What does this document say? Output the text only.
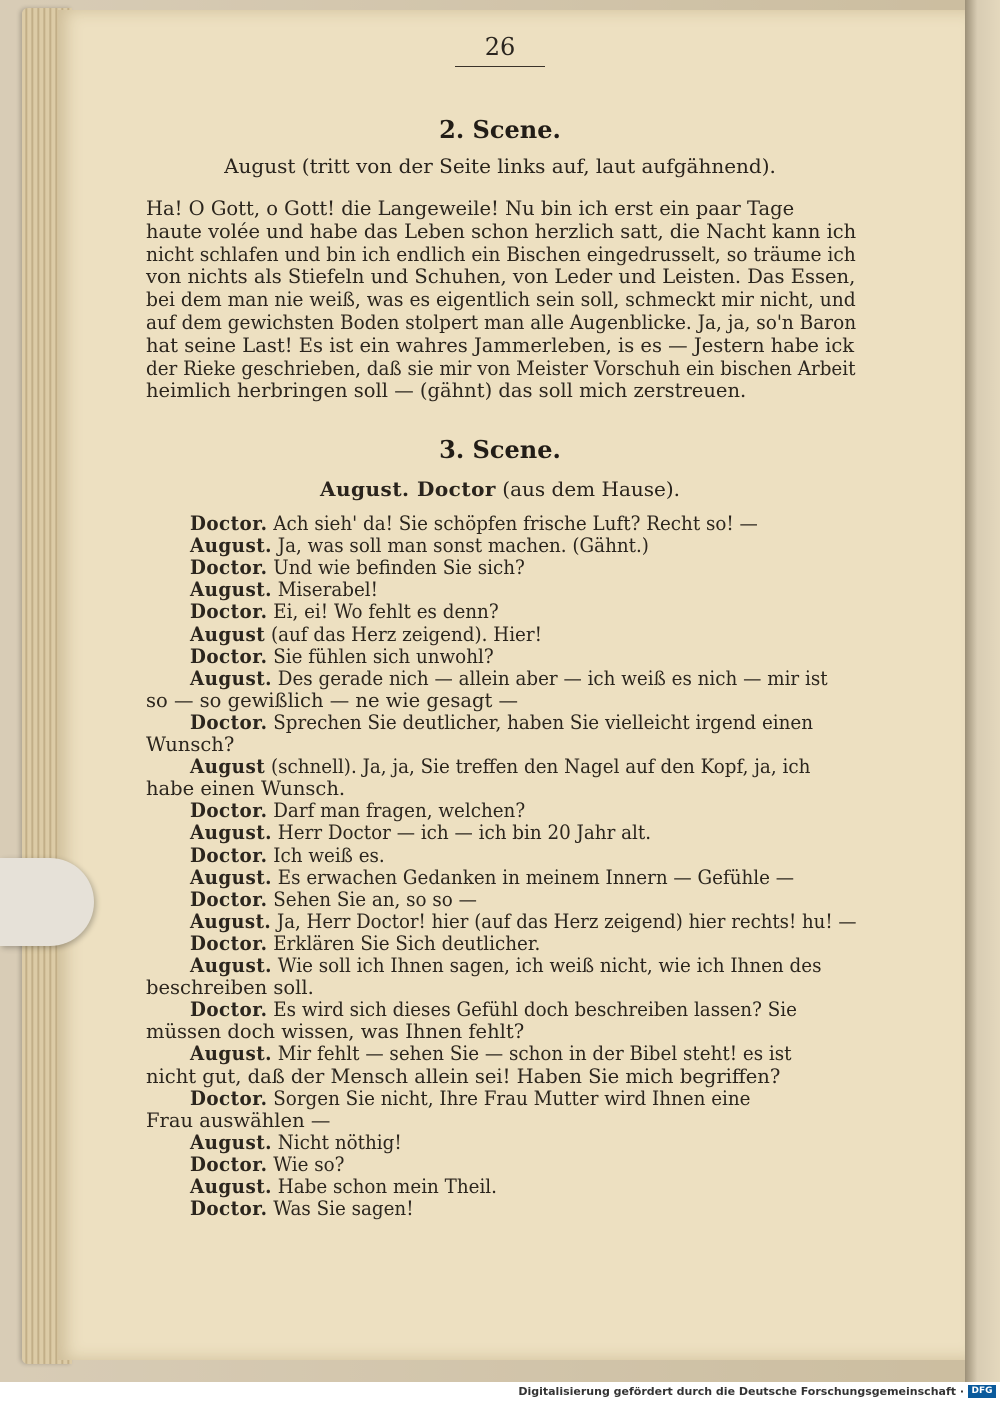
26
2. Scene.
August (tritt von der Seite links auf, laut aufgähnend).
Ha! O Gott, o Gott! die Langeweile! Nu bin ich erst ein paar Tage
haute volée und habe das Leben schon herzlich satt, die Nacht kann ich
nicht schlafen und bin ich endlich ein Bischen eingedrusselt, so träume ich
von nichts als Stiefeln und Schuhen, von Leder und Leisten. Das Essen,
bei dem man nie weiß, was es eigentlich sein soll, schmeckt mir nicht, und
auf dem gewichsten Boden stolpert man alle Augenblicke. Ja, ja, so'n Baron
hat seine Last! Es ist ein wahres Jammerleben, is es — Jestern habe ick
der Rieke geschrieben, daß sie mir von Meister Vorschuh ein bischen Arbeit
heimlich herbringen soll — (gähnt) das soll mich zerstreuen.
3. Scene.
August. Doctor (aus dem Hause).
Doctor. Ach sieh' da! Sie schöpfen frische Luft? Recht so! —
August. Ja, was soll man sonst machen. (Gähnt.)
Doctor. Und wie befinden Sie sich?
August. Miserabel!
Doctor. Ei, ei! Wo fehlt es denn?
August (auf das Herz zeigend). Hier!
Doctor. Sie fühlen sich unwohl?
August. Des gerade nich — allein aber — ich weiß es nich — mir ist
so — so gewißlich — ne wie gesagt —
Doctor. Sprechen Sie deutlicher, haben Sie vielleicht irgend einen
Wunsch?
August (schnell). Ja, ja, Sie treffen den Nagel auf den Kopf, ja, ich
habe einen Wunsch.
Doctor. Darf man fragen, welchen?
August. Herr Doctor — ich — ich bin 20 Jahr alt.
Doctor. Ich weiß es.
August. Es erwachen Gedanken in meinem Innern — Gefühle —
Doctor. Sehen Sie an, so so —
August. Ja, Herr Doctor! hier (auf das Herz zeigend) hier rechts! hu! —
Doctor. Erklären Sie Sich deutlicher.
August. Wie soll ich Ihnen sagen, ich weiß nicht, wie ich Ihnen des
beschreiben soll.
Doctor. Es wird sich dieses Gefühl doch beschreiben lassen? Sie
müssen doch wissen, was Ihnen fehlt?
August. Mir fehlt — sehen Sie — schon in der Bibel steht! es ist
nicht gut, daß der Mensch allein sei! Haben Sie mich begriffen?
Doctor. Sorgen Sie nicht, Ihre Frau Mutter wird Ihnen eine
Frau auswählen —
August. Nicht nöthig!
Doctor. Wie so?
August. Habe schon mein Theil.
Doctor. Was Sie sagen!
Digitalisierung gefördert durch die Deutsche Forschungsgemeinschaft · DFG
